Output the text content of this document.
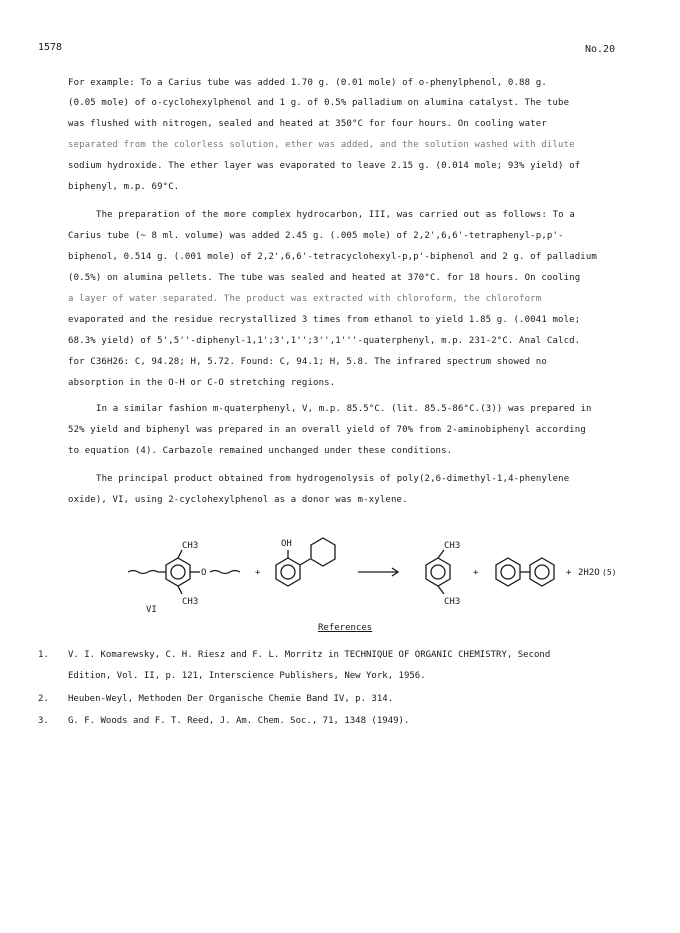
1578	No.20
For example: To a Carius tube was added 1.70 g. (0.01 mole) of o-phenylphenol, 0.88 g.
(0.05 mole) of o-cyclohexylphenol and 1 g. of 0.5% palladium on alumina catalyst. The tube
was flushed with nitrogen, sealed and heated at 350°C for four hours. On cooling water
separated from the colorless solution, ether was added, and the solution washed with dilute
sodium hydroxide. The ether layer was evaporated to leave 2.15 g. (0.014 mole; 93% yield) of
biphenyl, m.p. 69°C.
The preparation of the more complex hydrocarbon, III, was carried out as follows: To a
Carius tube (~ 8 ml. volume) was added 2.45 g. (.005 mole) of 2,2',6,6'-tetraphenyl-p,p'-
biphenol, 0.514 g. (.001 mole) of 2,2',6,6'-tetracyclohexyl-p,p'-biphenol and 2 g. of palladium
(0.5%) on alumina pellets. The tube was sealed and heated at 370°C. for 18 hours. On cooling
a layer of water separated. The product was extracted with chloroform, the chloroform
evaporated and the residue recrystallized 3 times from ethanol to yield 1.85 g. (.0041 mole;
68.3% yield) of 5',5''-diphenyl-1,1';3',1'';3'',1'''-quaterphenyl, m.p. 231-2°C. Anal Calcd.
for C36H26: C, 94.28; H, 5.72. Found: C, 94.1; H, 5.8. The infrared spectrum showed no
absorption in the O-H or C-O stretching regions.
In a similar fashion m-quaterphenyl, V, m.p. 85.5°C. (lit. 85.5-86°C.(3)) was prepared in
52% yield and biphenyl was prepared in an overall yield of 70% from 2-aminobiphenyl according
to equation (4). Carbazole remained unchanged under these conditions.
The principal product obtained from hydrogenolysis of poly(2,6-dimethyl-1,4-phenylene
oxide), VI, using 2-cyclohexylphenol as a donor was m-xylene.
CH3
CH3
O	+
OH	CH3
CH3
+	+ 2H2O (5)
VI
References
1. V. I. Komarewsky, C. H. Riesz and F. L. Morritz in TECHNIQUE OF ORGANIC CHEMISTRY, Second
Edition, Vol. II, p. 121, Interscience Publishers, New York, 1956.
2. Heuben-Weyl, Methoden Der Organische Chemie Band IV, p. 314.
3. G. F. Woods and F. T. Reed, J. Am. Chem. Soc., 71, 1348 (1949).
